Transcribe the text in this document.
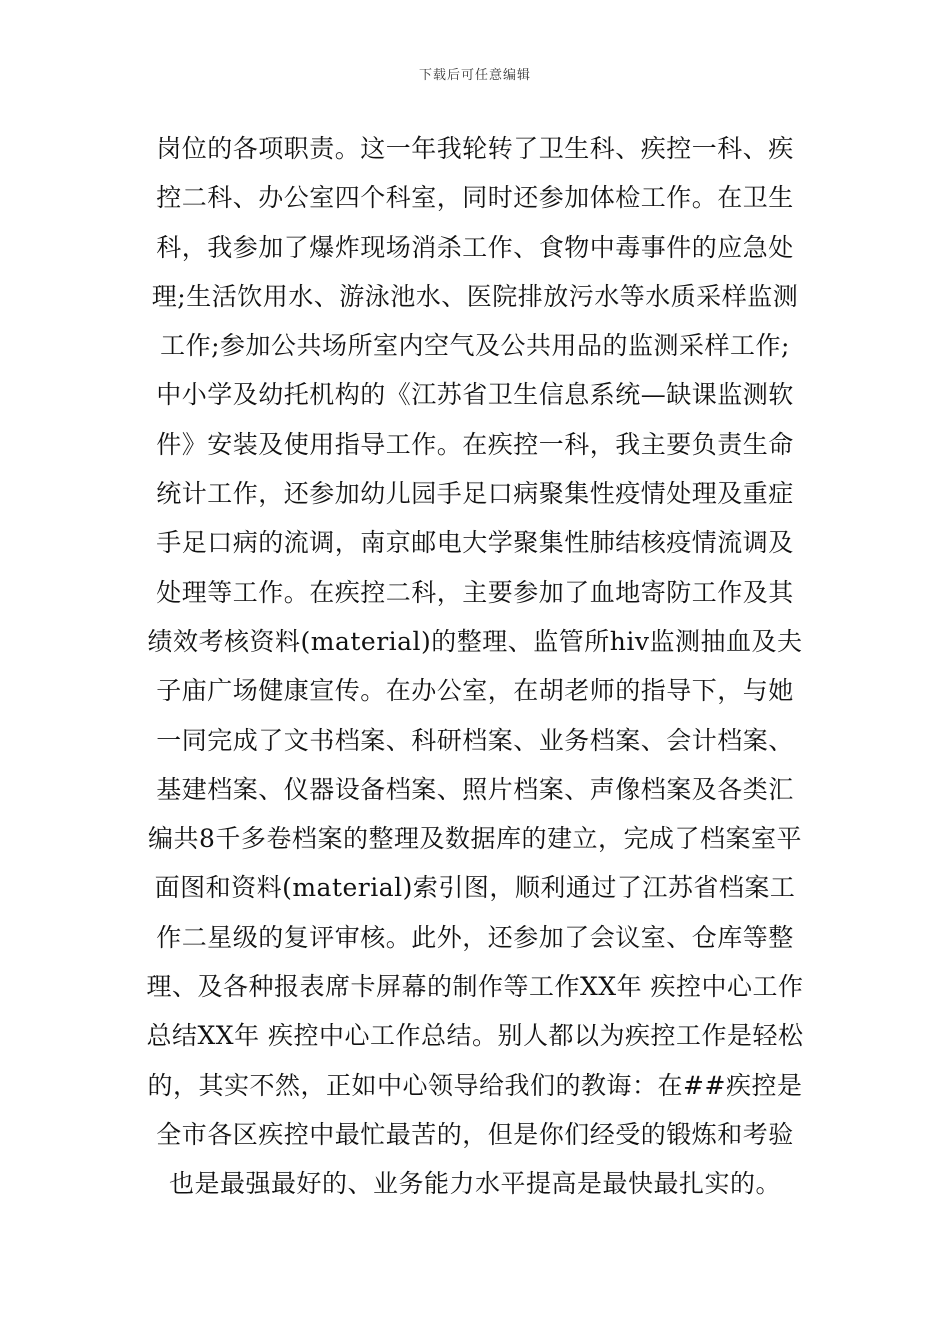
下载后可任意编辑
岗位的各项职责。这一年我轮转了卫生科、疾控一科、疾
控二科、办公室四个科室，同时还参加体检工作。在卫生
科，我参加了爆炸现场消杀工作、食物中毒事件的应急处
理;生活饮用水、游泳池水、医院排放污水等水质采样监测
工作;参加公共场所室内空气及公共用品的监测采样工作;
中小学及幼托机构的《江苏省卫生信息系统—缺课监测软
件》安装及使用指导工作。在疾控一科，我主要负责生命
统计工作，还参加幼儿园手足口病聚集性疫情处理及重症
手足口病的流调，南京邮电大学聚集性肺结核疫情流调及
处理等工作。在疾控二科，主要参加了血地寄防工作及其
绩效考核资料(material)的整理、监管所hiv监测抽血及夫
子庙广场健康宣传。在办公室，在胡老师的指导下，与她
一同完成了文书档案、科研档案、业务档案、会计档案、
基建档案、仪器设备档案、照片档案、声像档案及各类汇
编共8千多卷档案的整理及数据库的建立，完成了档案室平
面图和资料(material)索引图，顺利通过了江苏省档案工
作二星级的复评审核。此外，还参加了会议室、仓库等整
理、及各种报表席卡屏幕的制作等工作XX年 疾控中心工作
总结XX年 疾控中心工作总结。别人都以为疾控工作是轻松
的，其实不然，正如中心领导给我们的教诲：在##疾控是
全市各区疾控中最忙最苦的，但是你们经受的锻炼和考验
也是最强最好的、业务能力水平提高是最快最扎实的。
